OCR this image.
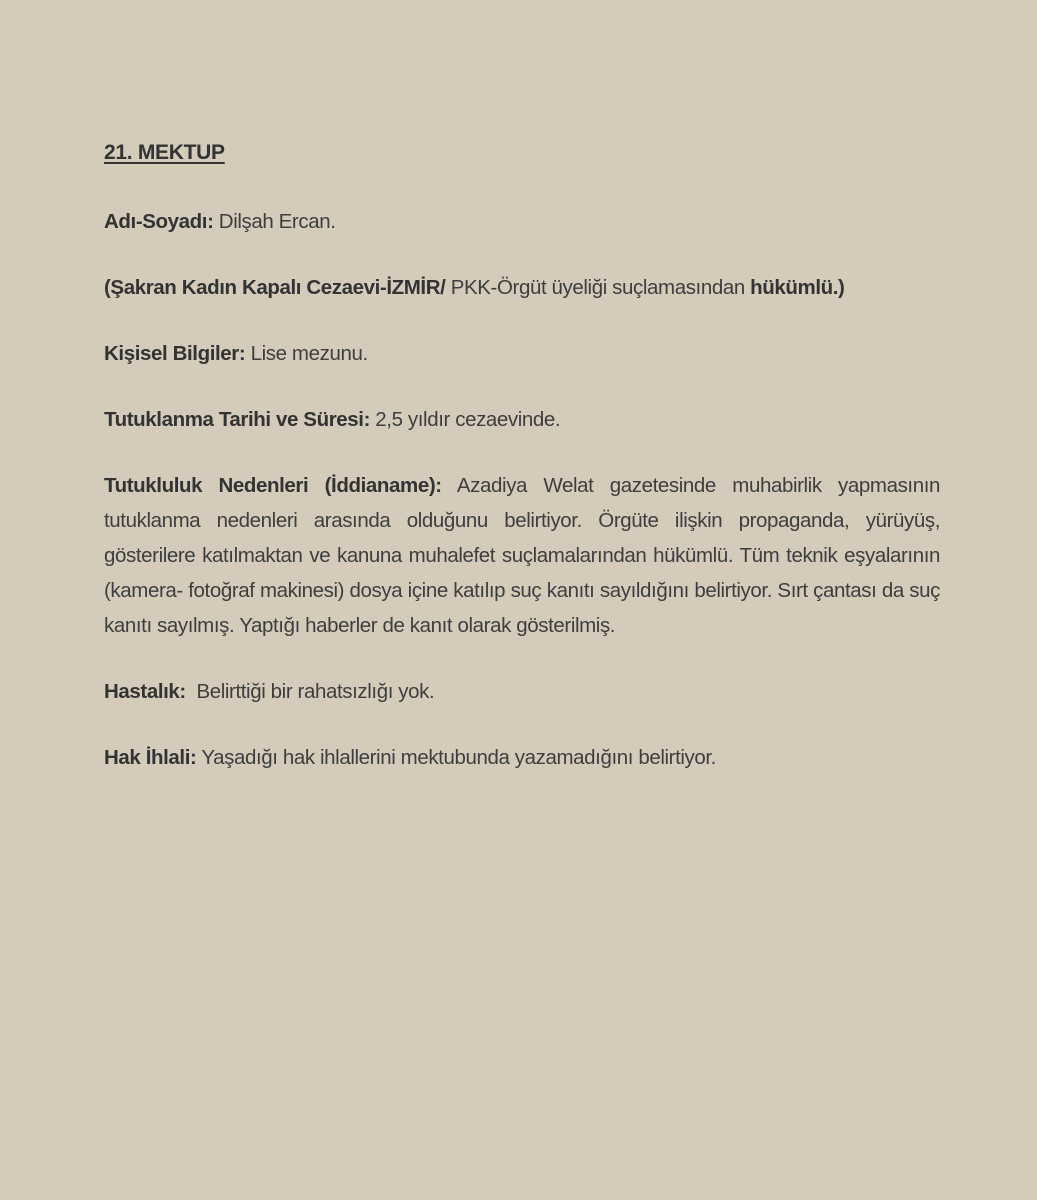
21. MEKTUP

Adı-Soyadı: Dilşah Ercan.

(Şakran Kadın Kapalı Cezaevi-İZMİR/ PKK-Örgüt üyeliği suçlamasından hükümlü.)

Kişisel Bilgiler: Lise mezunu.

Tutuklanma Tarihi ve Süresi: 2,5 yıldır cezaevinde.

Tutukluluk Nedenleri (İddianame): Azadiya Welat gazetesinde muhabirlik yapmasının tutuklanma nedenleri arasında olduğunu belirtiyor. Örgüte ilişkin propaganda, yürüyüş, gösterilere katılmaktan ve kanuna muhalefet suçlamalarından hükümlü. Tüm teknik eşyalarının (kamera- fotoğraf makinesi) dosya içine katılıp suç kanıtı sayıldığını belirtiyor. Sırt çantası da suç kanıtı sayılmış. Yaptığı haberler de kanıt olarak gösterilmiş.

Hastalık:  Belirttiği bir rahatsızlığı yok.

Hak İhlali: Yaşadığı hak ihlallerini mektubunda yazamadığını belirtiyor.
